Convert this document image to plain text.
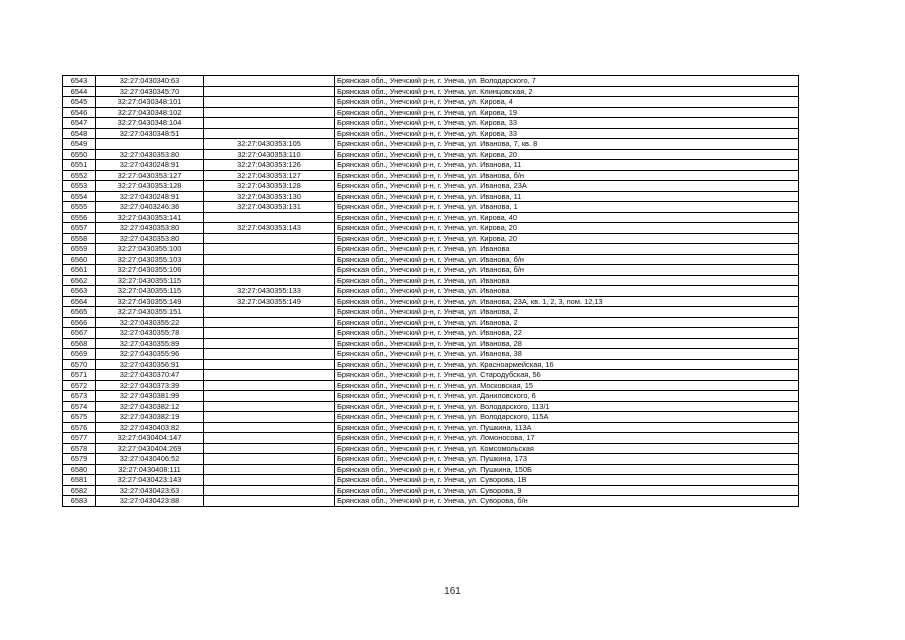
6543	32:27:0430340:63		Брянская обл., Унечский р-н, г. Унеча, ул. Володарского, 7
6544	32:27:0430345:70		Брянская обл., Унечский р-н, г. Унеча, ул. Клинцовская, 2
6545	32:27:0430348:101		Брянская обл., Унечский р-н, г. Унеча, ул. Кирова, 4
6546	32:27:0430348:102		Брянская обл., Унечский р-н, г. Унеча, ул. Кирова, 19
6547	32:27:0430348:104		Брянская обл., Унечский р-н, г. Унеча, ул. Кирова, 33
6548	32:27:0430348:51		Брянская обл., Унечский р-н, г. Унеча, ул. Кирова, 33
6549		32:27:0430353:105	Брянская обл., Унечский р-н, г. Унеча, ул. Иванова, 7, кв. 8
6550	32:27:0430353:80	32:27:0430353:110	Брянская обл., Унечский р-н, г. Унеча, ул. Кирова, 20
6551	32:27:0430248:91	32:27:0430353:126	Брянская обл., Унечский р-н, г. Унеча, ул. Иванова, 11
6552	32:27:0430353:127	32:27:0430353:127	Брянская обл., Унечский р-н, г. Унеча, ул. Иванова, б/н
6553	32:27:0430353:128	32:27:0430353:128	Брянская обл., Унечский р-н, г. Унеча, ул. Иванова, 23А
6554	32:27:0430248:91	32:27:0430353:130	Брянская обл., Унечский р-н, г. Унеча, ул. Иванова, 11
6555	32:27:0403246:36	32:27:0430353:131	Брянская обл., Унечский р-н, г. Унеча, ул. Иванова, 1
6556	32:27:0430353:141		Брянская обл., Унечский р-н, г. Унеча, ул. Кирова, 40
6557	32:27:0430353:80	32:27:0430353:143	Брянская обл., Унечский р-н, г. Унеча, ул. Кирова, 20
6558	32:27:0430353:80		Брянская обл., Унечский р-н, г. Унеча, ул. Кирова, 20
6559	32:27:0430355:100		Брянская обл., Унечский р-н, г. Унеча, ул. Иванова
6560	32:27:0430355:103		Брянская обл., Унечский р-н, г. Унеча, ул. Иванова, б/н
6561	32:27:0430355:106		Брянская обл., Унечский р-н, г. Унеча, ул. Иванова, б/н
6562	32:27:0430355:115		Брянская обл., Унечский р-н, г. Унеча, ул. Иванова
6563	32:27:0430355:115	32:27:0430355:133	Брянская обл., Унечский р-н, г. Унеча, ул. Иванова
6564	32:27:0430355:149	32:27:0430355:149	Брянская обл., Унечский р-н, г. Унеча, ул. Иванова, 23А, кв. 1, 2, 3, пом. 12,13
6565	32:27:0430355:151		Брянская обл., Унечский р-н, г. Унеча, ул. Иванова, 2
6566	32:27:0430355:22		Брянская обл., Унечский р-н, г. Унеча, ул. Иванова, 2
6567	32:27:0430355:78		Брянская обл., Унечский р-н, г. Унеча, ул. Иванова, 22
6568	32:27:0430355:89		Брянская обл., Унечский р-н, г. Унеча, ул. Иванова, 28
6569	32:27:0430355:96		Брянская обл., Унечский р-н, г. Унеча, ул. Иванова, 38
6570	32:27:0430356:91		Брянская обл., Унечский р-н, г. Унеча, ул. Красноармейская, 16
6571	32:27:0430370:47		Брянская обл., Унечский р-н, г. Унеча, ул. Стародубская, 56
6572	32:27:0430373:39		Брянская обл., Унечский р-н, г. Унеча, ул. Московская, 15
6573	32:27:0430381:99		Брянская обл., Унечский р-н, г. Унеча, ул. Даниловского, 6
6574	32:27:0430382:12		Брянская обл., Унечский р-н, г. Унеча, ул. Володарского, 113/1
6575	32:27:0430382:19		Брянская обл., Унечский р-н, г. Унеча, ул. Володарского, 115А
6576	32:27:0430403:82		Брянская обл., Унечский р-н, г. Унеча, ул. Пушкина, 113А
6577	32:27:0430404:147		Брянская обл., Унечский р-н, г. Унеча, ул. Ломоносова, 17
6578	32:27:0430404:269		Брянская обл., Унечский р-н, г. Унеча, ул. Комсомольская
6579	32:27:0430406:52		Брянская обл., Унечский р-н, г. Унеча, ул. Пушкина, 173
6580	32:27:0430408:111		Брянская обл., Унечский р-н, г. Унеча, ул. Пушкина, 150Б
6581	32:27:0430423:143		Брянская обл., Унечский р-н, г. Унеча, ул. Суворова, 1В
6582	32:27:0430423:63		Брянская обл., Унечский р-н, г. Унеча, ул. Суворова, 9
6583	32:27:0430423:88		Брянская обл., Унечский р-н, г. Унеча, ул. Суворова, б/н
161
